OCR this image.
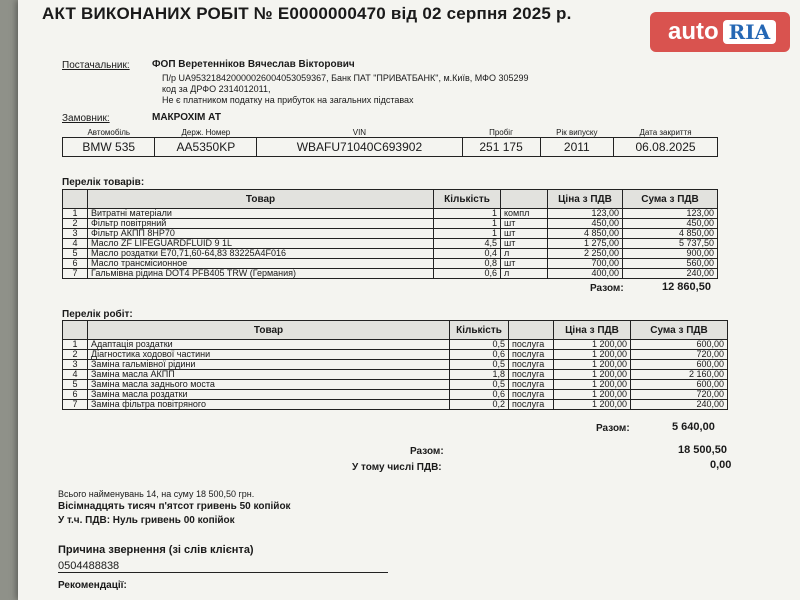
АКТ ВИКОНАНИХ РОБІТ № Е0000000470 від 02 серпня 2025 р.
auto RIA
Постачальник: ФОП Веретенніков Вячеслав Вікторович
П/р UA953218420000026004053059367, Банк ПАТ "ПРИВАТБАНК", м.Київ, МФО 305299
код за ДРФО 2314012011,
Не є платником податку на прибуток на загальних підставах
Замовник:	МАКРОХІМ АТ
Автомобіль	Держ. Номер	VIN	Пробіг	Рік випуску	Дата закриття
BMW 535	AA5350KP	WBAFU71040C693902	251 175	2011	06.08.2025
Перелік товарів:
	Товар	Кількість		Ціна з ПДВ	Сума з ПДВ
1	Витратні матеріали	1	компл	123,00	123,00
2	Фільтр повітряний	1	шт	450,00	450,00
3	Фільтр АКПП 8HP70	1	шт	4 850,00	4 850,00
4	Масло ZF LIFEGUARDFLUID 9 1L	4,5	шт	1 275,00	5 737,50
5	Масло роздатки E70,71,60-64,83 83225A4F016	0,4	л	2 250,00	900,00
6	Масло трансмісионное	0,8	шт	700,00	560,00
7	Гальмівна рідина DOT4 PFB405 TRW (Германия)	0,6	л	400,00	240,00
Разом:	12 860,50
Перелік робіт:
	Товар	Кількість		Ціна з ПДВ	Сума з ПДВ
1	Адаптація роздатки	0,5	послуга	1 200,00	600,00
2	Діагностика ходової частини	0,6	послуга	1 200,00	720,00
3	Заміна гальмівної рідини	0,5	послуга	1 200,00	600,00
4	Заміна масла АКПП	1,8	послуга	1 200,00	2 160,00
5	Заміна масла заднього моста	0,5	послуга	1 200,00	600,00
6	Заміна масла роздатки	0,6	послуга	1 200,00	720,00
7	Заміна фільтра повітряного	0,2	послуга	1 200,00	240,00
Разом:	5 640,00
Разом:	18 500,50
У тому числі ПДВ:	0,00
Всього найменувань 14, на суму 18 500,50 грн.
Вісімнадцять тисяч п'ятсот гривень 50 копійок
У т.ч. ПДВ: Нуль гривень 00 копійок
Причина звернення (зі слів клієнта)
0504488838
Рекомендації:
